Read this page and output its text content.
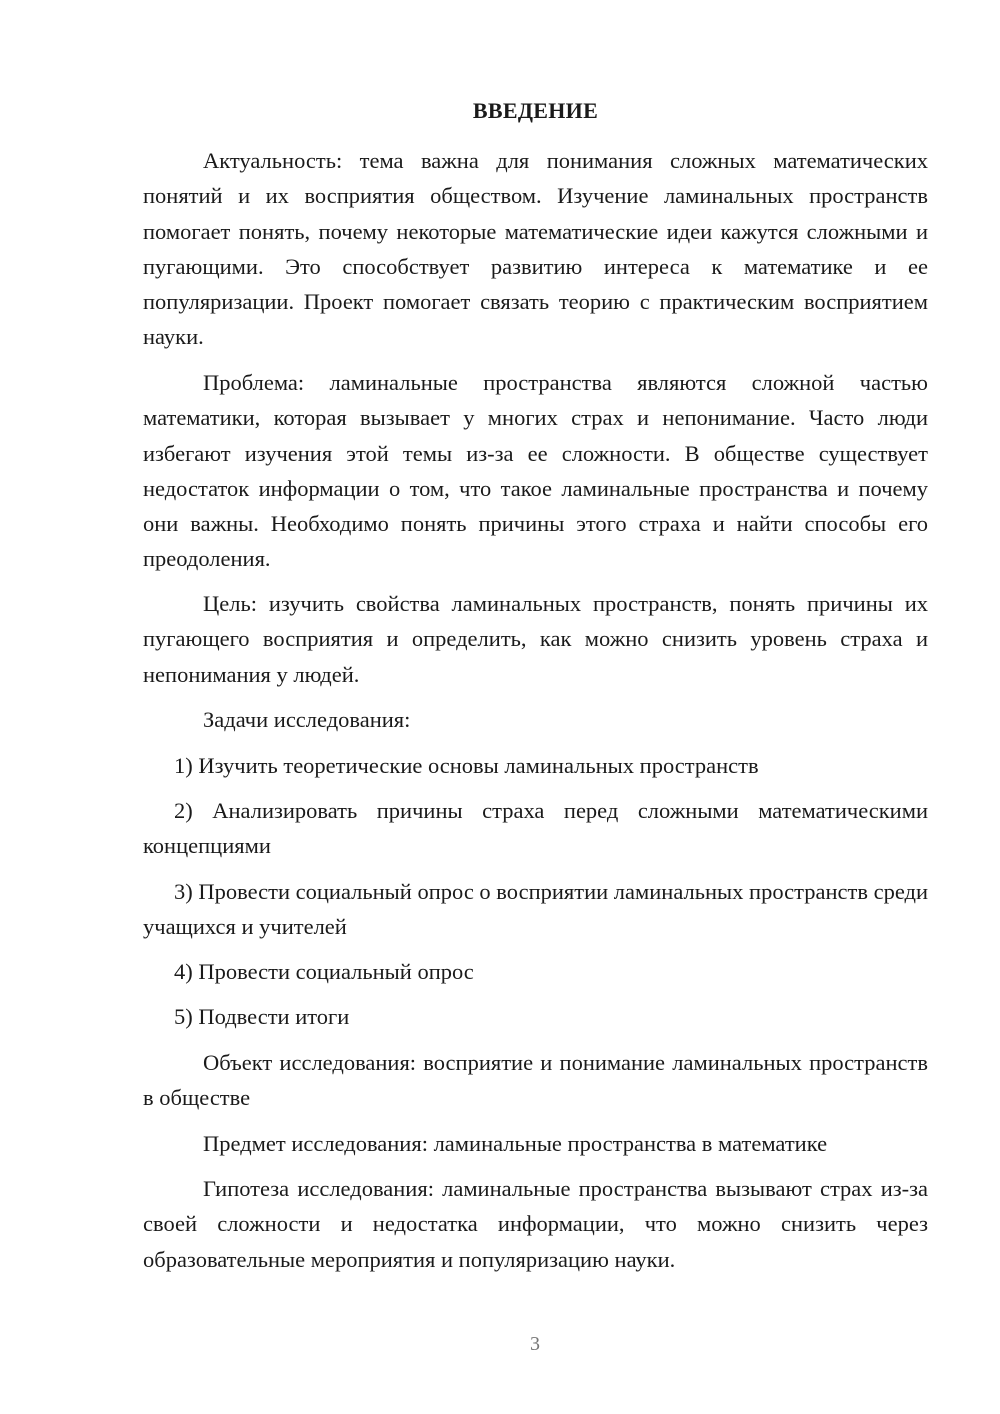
ВВЕДЕНИЕ

Актуальность: тема важна для понимания сложных математических понятий и их восприятия обществом. Изучение ламинальных пространств помогает понять, почему некоторые математические идеи кажутся сложными и пугающими. Это способствует развитию интереса к математике и ее популяризации. Проект помогает связать теорию с практическим восприятием науки.

Проблема: ламинальные пространства являются сложной частью математики, которая вызывает у многих страх и непонимание. Часто люди избегают изучения этой темы из-за ее сложности. В обществе существует недостаток информации о том, что такое ламинальные пространства и почему они важны. Необходимо понять причины этого страха и найти способы его преодоления.

Цель: изучить свойства ламинальных пространств, понять причины их пугающего восприятия и определить, как можно снизить уровень страха и непонимания у людей.

Задачи исследования:

1) Изучить теоретические основы ламинальных пространств

2) Анализировать причины страха перед сложными математическими концепциями

3) Провести социальный опрос о восприятии ламинальных пространств среди учащихся и учителей

4) Провести социальный опрос

5) Подвести итоги

Объект исследования: восприятие и понимание ламинальных пространств в обществе

Предмет исследования: ламинальные пространства в математике

Гипотеза исследования: ламинальные пространства вызывают страх из-за своей сложности и недостатка информации, что можно снизить через образовательные мероприятия и популяризацию науки.

3
